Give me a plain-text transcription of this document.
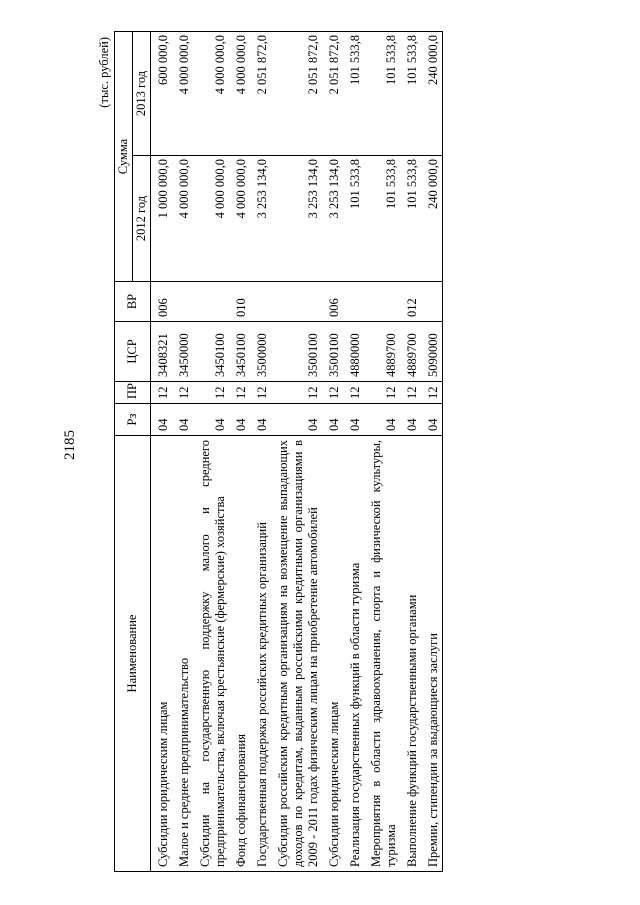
2185
(тыс. рублей)
Наименование	Рз	ПР	ЦСР	ВР	Сумма	
					2012 год	2013 год
Субсидии юридическим лицам	04	12	3408321	006	1 000 000,0	600 000,0
Малое и среднее предпринимательство	04	12	3450000		4 000 000,0	4 000 000,0
Субсидии на государственную поддержку малого и среднего предпринимательства, включая крестьянские (фермерские) хозяйства	04	12	3450100		4 000 000,0	4 000 000,0
Фонд софинансирования	04	12	3450100	010	4 000 000,0	4 000 000,0
Государственная поддержка российских кредитных организаций	04	12	3500000		3 253 134,0	2 051 872,0
Субсидии российским кредитным организациям на возмещение выпадающих доходов по кредитам, выданным российскими кредитными организациями в 2009 - 2011 годах физическим лицам на приобретение автомобилей	04	12	3500100		3 253 134,0	2 051 872,0
Субсидии юридическим лицам	04	12	3500100	006	3 253 134,0	2 051 872,0
Реализация государственных функций в области туризма	04	12	4880000		101 533,8	101 533,8
Мероприятия в области здравоохранения, спорта и физической культуры, туризма	04	12	4889700		101 533,8	101 533,8
Выполнение функций государственными органами	04	12	4889700	012	101 533,8	101 533,8
Премии, стипендии за выдающиеся заслуги	04	12	5090000		240 000,0	240 000,0
